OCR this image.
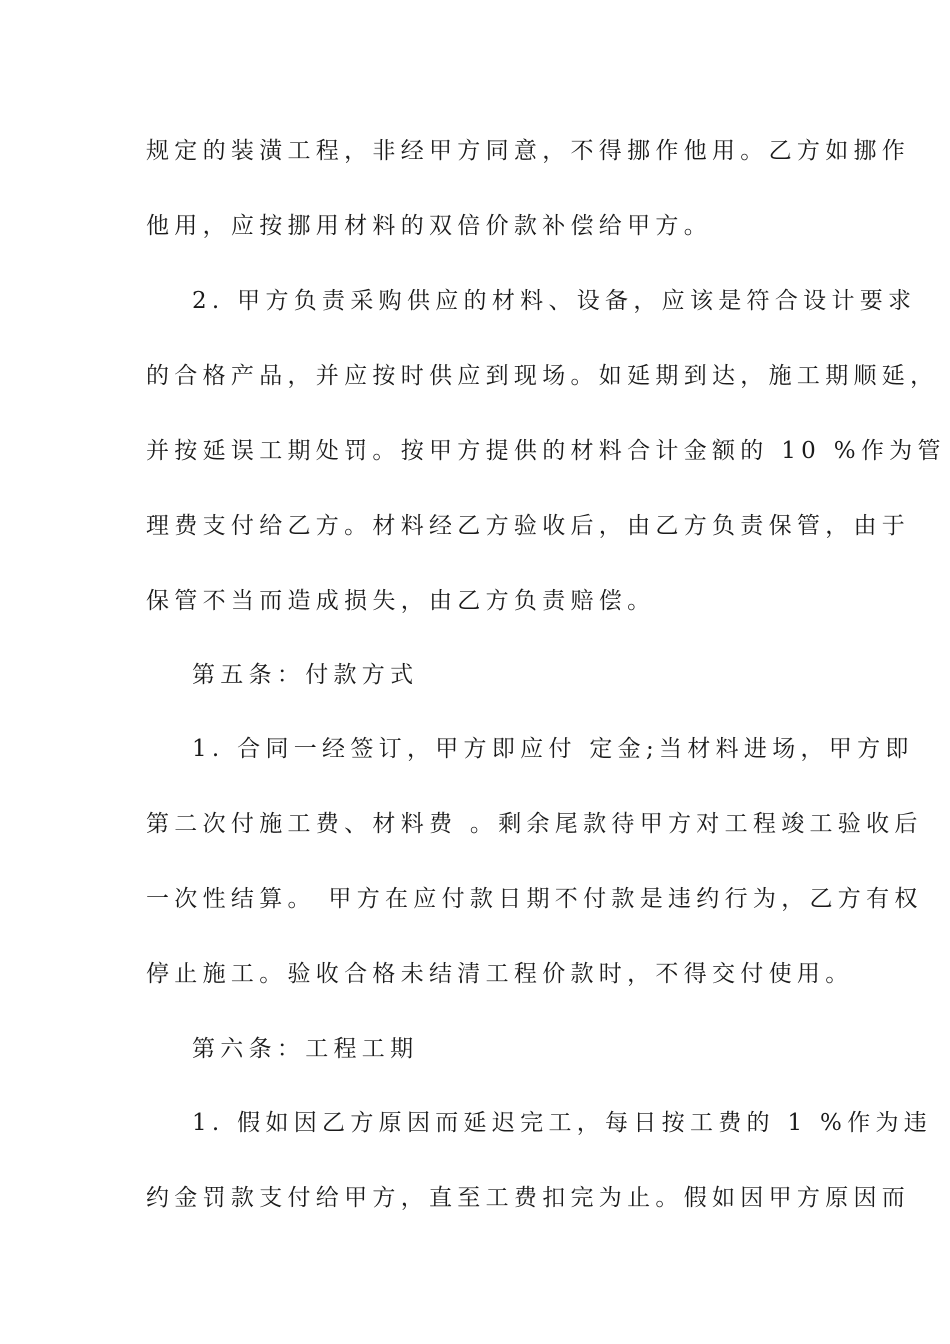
规定的装潢工程，非经甲方同意，不得挪作他用。乙方如挪作
他用，应按挪用材料的双倍价款补偿给甲方。
2. 甲方负责采购供应的材料、设备，应该是符合设计要求
的合格产品，并应按时供应到现场。如延期到达，施工期顺延，
并按延误工期处罚。按甲方提供的材料合计金额的 10 %作为管
理费支付给乙方。材料经乙方验收后，由乙方负责保管，由于
保管不当而造成损失，由乙方负责赔偿。
第五条：付款方式
1. 合同一经签订，甲方即应付 定金;当材料进场，甲方即
第二次付施工费、材料费 。剩余尾款待甲方对工程竣工验收后
一次性结算。 甲方在应付款日期不付款是违约行为，乙方有权
停止施工。验收合格未结清工程价款时，不得交付使用。
第六条：工程工期
1. 假如因乙方原因而延迟完工，每日按工费的 1 %作为违
约金罚款支付给甲方，直至工费扣完为止。假如因甲方原因而
